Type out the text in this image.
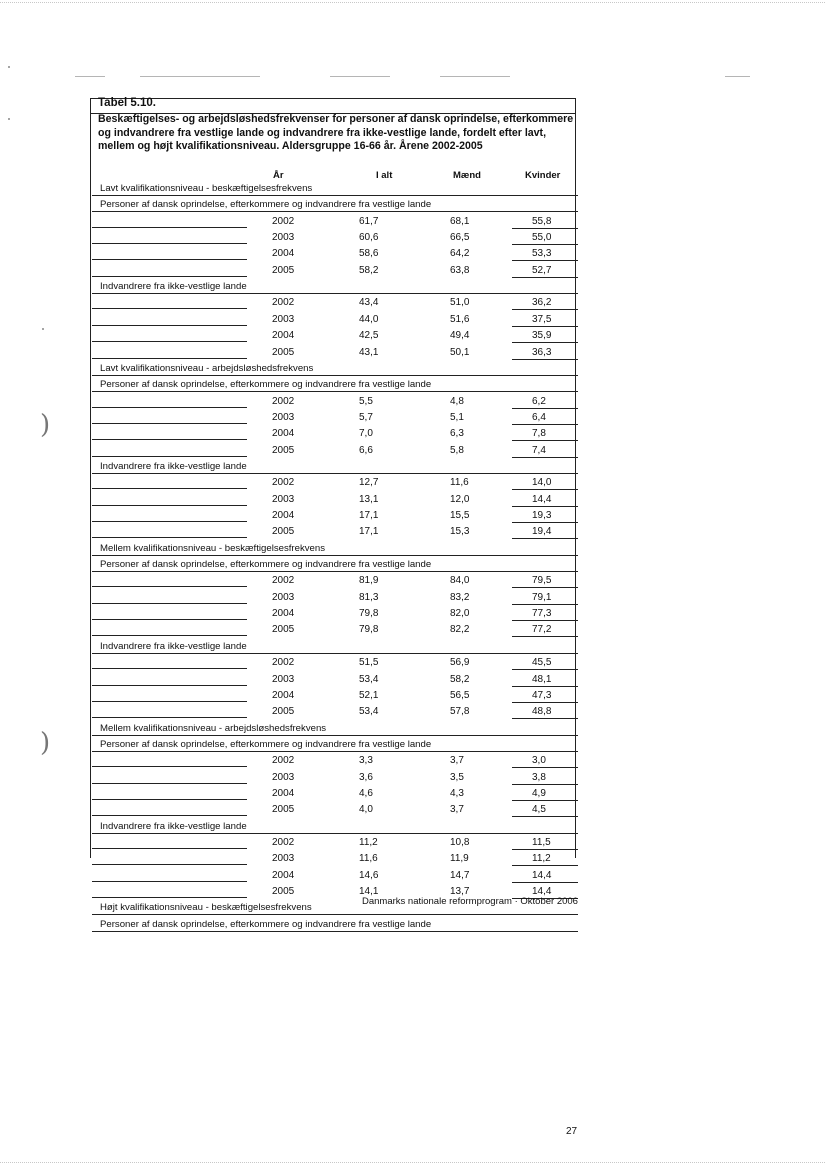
)
)
Tabel 5.10.
Beskæftigelses- og arbejdsløshedsfrekvenser for personer af dansk oprindelse, efterkommere og indvandrere fra vestlige lande og indvandrere fra ikke-vestlige lande, fordelt efter lavt, mellem og højt kvalifikationsniveau. Aldersgruppe 16-66 år. Årene 2002-2005
År	I alt	Mænd	Kvinder
Lavt kvalifikationsniveau - beskæftigelsesfrekvens
Personer af dansk oprindelse, efterkommere og indvandrere fra vestlige lande
2002	61,7	68,1	55,8
2003	60,6	66,5	55,0
2004	58,6	64,2	53,3
2005	58,2	63,8	52,7
Indvandrere fra ikke-vestlige lande
2002	43,4	51,0	36,2
2003	44,0	51,6	37,5
2004	42,5	49,4	35,9
2005	43,1	50,1	36,3
Lavt kvalifikationsniveau - arbejdsløshedsfrekvens
Personer af dansk oprindelse, efterkommere og indvandrere fra vestlige lande
2002	5,5	4,8	6,2
2003	5,7	5,1	6,4
2004	7,0	6,3	7,8
2005	6,6	5,8	7,4
Indvandrere fra ikke-vestlige lande
2002	12,7	11,6	14,0
2003	13,1	12,0	14,4
2004	17,1	15,5	19,3
2005	17,1	15,3	19,4
Mellem kvalifikationsniveau - beskæftigelsesfrekvens
Personer af dansk oprindelse, efterkommere og indvandrere fra vestlige lande
2002	81,9	84,0	79,5
2003	81,3	83,2	79,1
2004	79,8	82,0	77,3
2005	79,8	82,2	77,2
Indvandrere fra ikke-vestlige lande
2002	51,5	56,9	45,5
2003	53,4	58,2	48,1
2004	52,1	56,5	47,3
2005	53,4	57,8	48,8
Mellem kvalifikationsniveau - arbejdsløshedsfrekvens
Personer af dansk oprindelse, efterkommere og indvandrere fra vestlige lande
2002	3,3	3,7	3,0
2003	3,6	3,5	3,8
2004	4,6	4,3	4,9
2005	4,0	3,7	4,5
Indvandrere fra ikke-vestlige lande
2002	11,2	10,8	11,5
2003	11,6	11,9	11,2
2004	14,6	14,7	14,4
2005	14,1	13,7	14,4
Højt kvalifikationsniveau - beskæftigelsesfrekvens
Personer af dansk oprindelse, efterkommere og indvandrere fra vestlige lande
Danmarks nationale reformprogram · Oktober 2006
27
